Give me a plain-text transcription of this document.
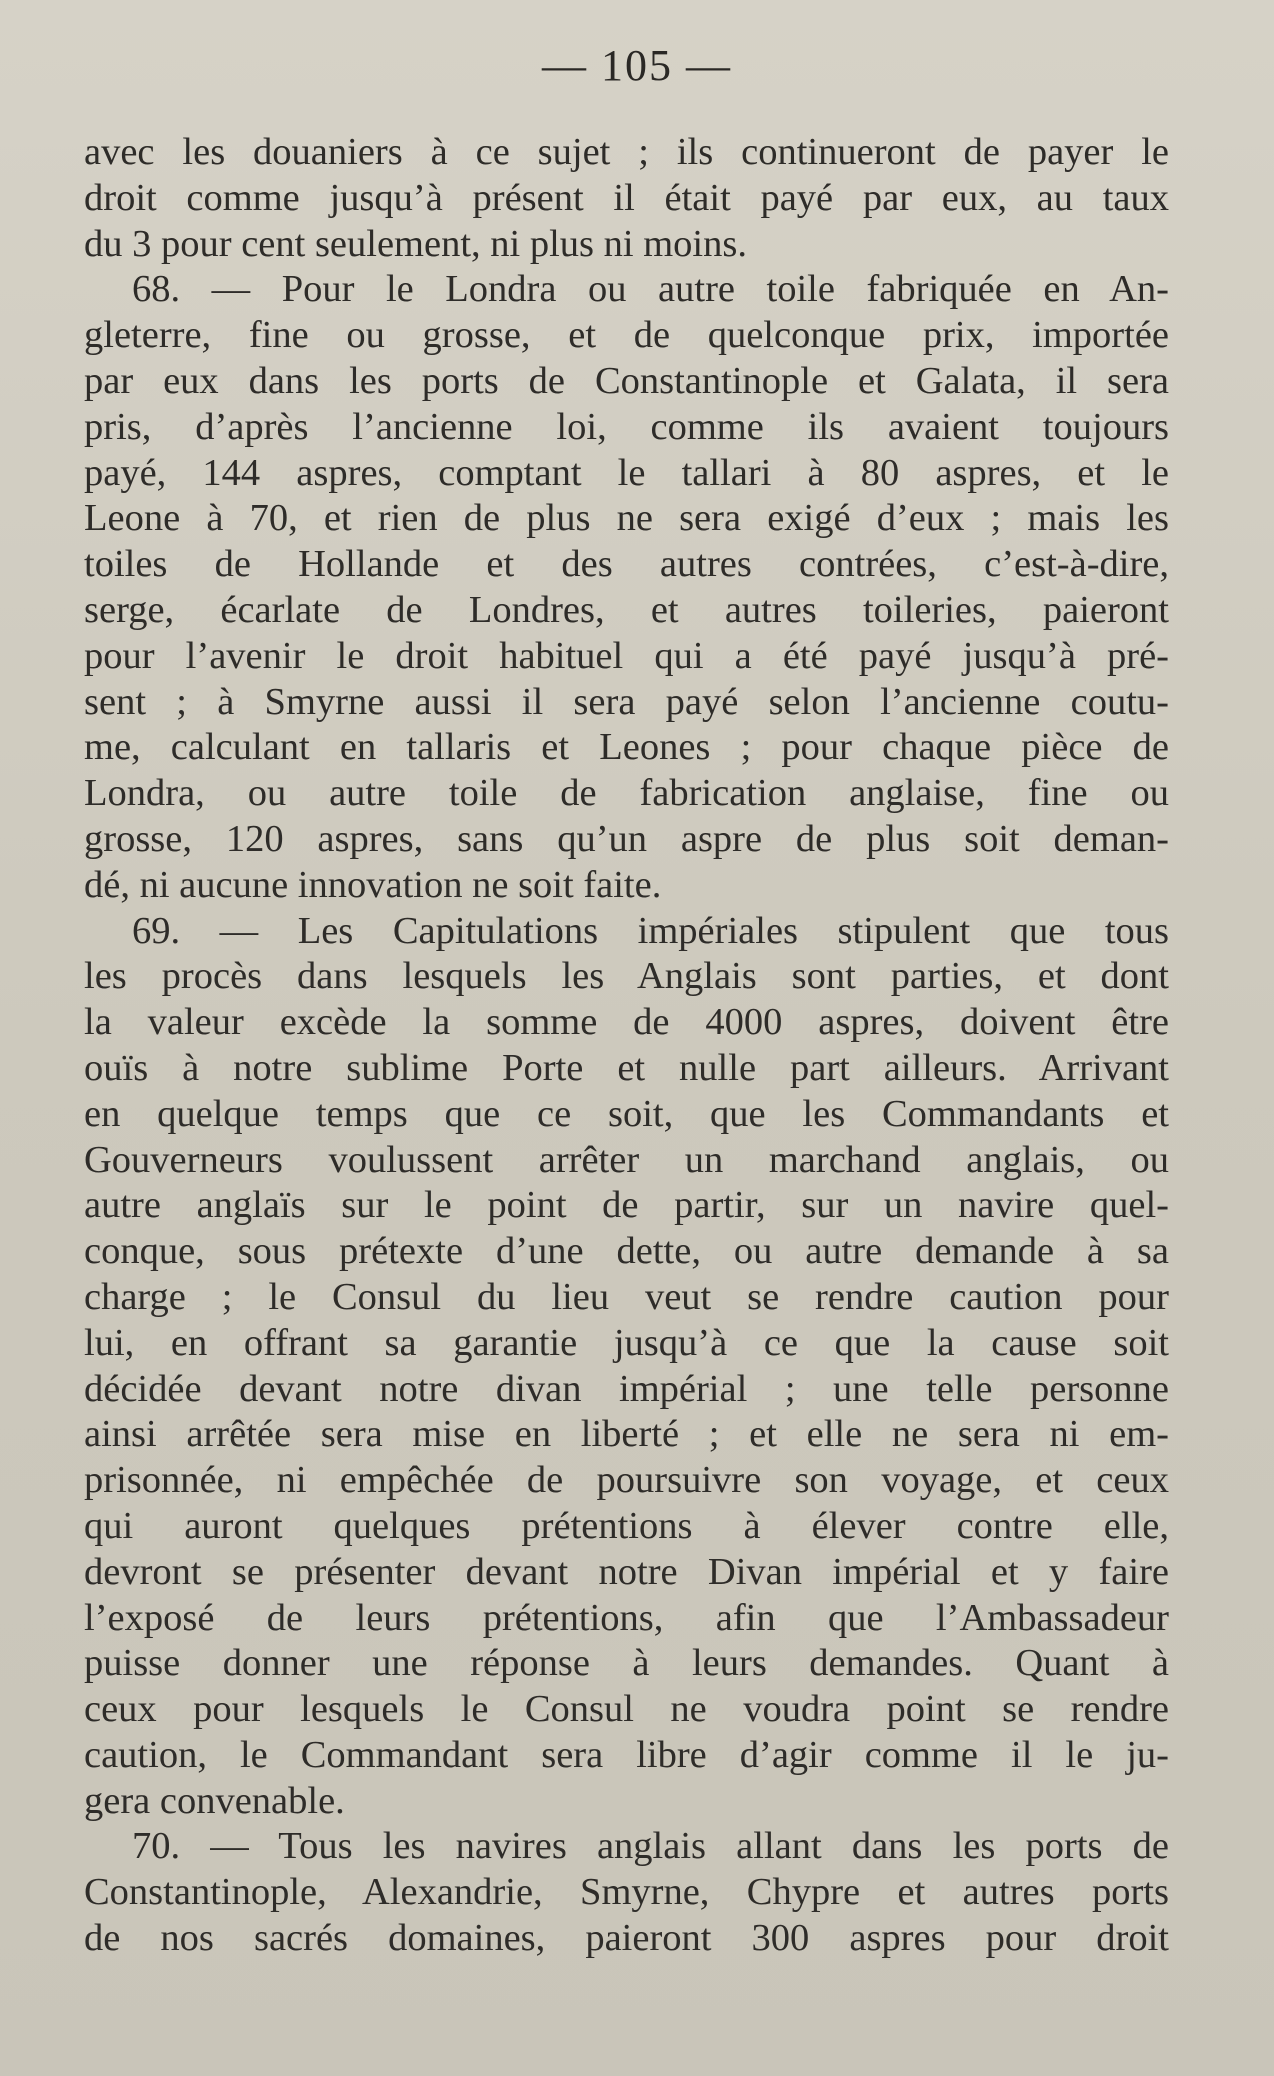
— 105 —
avec les douaniers à ce sujet ; ils continueront de payer le
droit comme jusqu’à présent il était payé par eux, au taux
du 3 pour cent seulement, ni plus ni moins.
68. — Pour le Londra ou autre toile fabriquée en An-
gleterre, fine ou grosse, et de quelconque prix, importée
par eux dans les ports de Constantinople et Galata, il sera
pris, d’après l’ancienne loi, comme ils avaient toujours
payé, 144 aspres, comptant le tallari à 80 aspres, et le
Leone à 70, et rien de plus ne sera exigé d’eux ; mais les
toiles de Hollande et des autres contrées, c’est-à-dire,
serge, écarlate de Londres, et autres toileries, paieront
pour l’avenir le droit habituel qui a été payé jusqu’à pré-
sent ; à Smyrne aussi il sera payé selon l’ancienne coutu-
me, calculant en tallaris et Leones ; pour chaque pièce de
Londra, ou autre toile de fabrication anglaise, fine ou
grosse, 120 aspres, sans qu’un aspre de plus soit deman-
dé, ni aucune innovation ne soit faite.
69. — Les Capitulations impériales stipulent que tous
les procès dans lesquels les Anglais sont parties, et dont
la valeur excède la somme de 4000 aspres, doivent être
ouïs à notre sublime Porte et nulle part ailleurs. Arrivant
en quelque temps que ce soit, que les Commandants et
Gouverneurs voulussent arrêter un marchand anglais, ou
autre anglaïs sur le point de partir, sur un navire quel-
conque, sous prétexte d’une dette, ou autre demande à sa
charge ; le Consul du lieu veut se rendre caution pour
lui, en offrant sa garantie jusqu’à ce que la cause soit
décidée devant notre divan impérial ; une telle personne
ainsi arrêtée sera mise en liberté ; et elle ne sera ni em-
prisonnée, ni empêchée de poursuivre son voyage, et ceux
qui auront quelques prétentions à élever contre elle,
devront se présenter devant notre Divan impérial et y faire
l’exposé de leurs prétentions, afin que l’Ambassadeur
puisse donner une réponse à leurs demandes. Quant à
ceux pour lesquels le Consul ne voudra point se rendre
caution, le Commandant sera libre d’agir comme il le ju-
gera convenable.
70. — Tous les navires anglais allant dans les ports de
Constantinople, Alexandrie, Smyrne, Chypre et autres ports
de nos sacrés domaines, paieront 300 aspres pour droit
